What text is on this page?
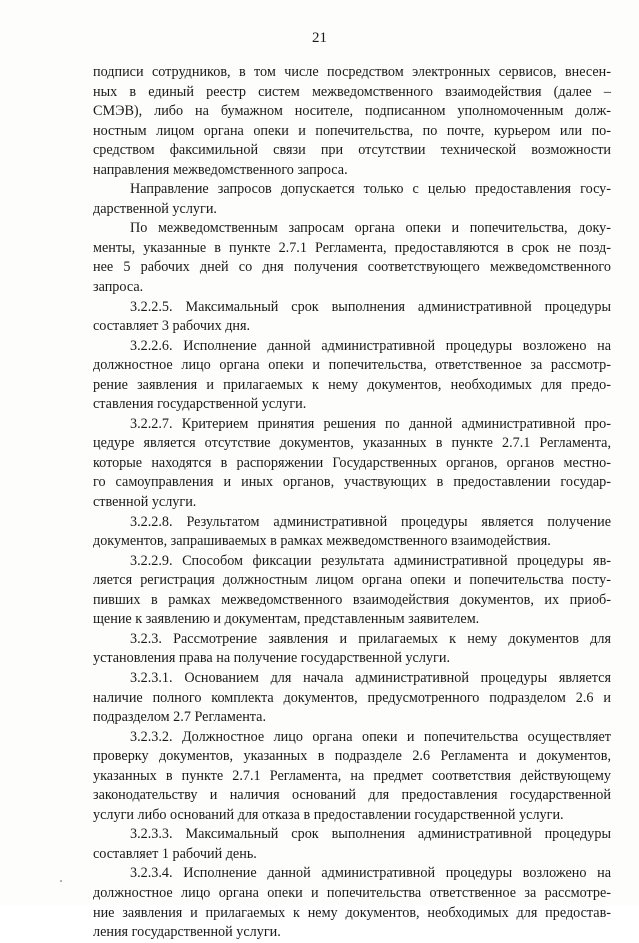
21
подписи сотрудников, в том числе посредством электронных сервисов, внесен-
ных в единый реестр систем межведомственного взаимодействия (далее –
СМЭВ), либо на бумажном носителе, подписанном уполномоченным долж-
ностным лицом органа опеки и попечительства, по почте, курьером или по-
средством факсимильной связи при отсутствии технической возможности
направления межведомственного запроса.
Направление запросов допускается только с целью предоставления госу-
дарственной услуги.
По межведомственным запросам органа опеки и попечительства, доку-
менты, указанные в пункте 2.7.1 Регламента, предоставляются в срок не позд-
нее 5 рабочих дней со дня получения соответствующего межведомственного
запроса.
3.2.2.5. Максимальный срок выполнения административной процедуры
составляет 3 рабочих дня.
3.2.2.6. Исполнение данной административной процедуры возложено на
должностное лицо органа опеки и попечительства, ответственное за рассмотр-
рение заявления и прилагаемых к нему документов, необходимых для предо-
ставления государственной услуги.
3.2.2.7. Критерием принятия решения по данной административной про-
цедуре является отсутствие документов, указанных в пункте 2.7.1 Регламента,
которые находятся в распоряжении Государственных органов, органов местно-
го самоуправления и иных органов, участвующих в предоставлении государ-
ственной услуги.
3.2.2.8. Результатом административной процедуры является получение
документов, запрашиваемых в рамках межведомственного взаимодействия.
3.2.2.9. Способом фиксации результата административной процедуры яв-
ляется регистрация должностным лицом органа опеки и попечительства посту-
пивших в рамках межведомственного взаимодействия документов, их приоб-
щение к заявлению и документам, представленным заявителем.
3.2.3. Рассмотрение заявления и прилагаемых к нему документов для
установления права на получение государственной услуги.
3.2.3.1. Основанием для начала административной процедуры является
наличие полного комплекта документов, предусмотренного подразделом 2.6 и
подразделом 2.7 Регламента.
3.2.3.2. Должностное лицо органа опеки и попечительства осуществляет
проверку документов, указанных в подразделе 2.6 Регламента и документов,
указанных в пункте 2.7.1 Регламента, на предмет соответствия действующему
законодательству и наличия оснований для предоставления государственной
услуги либо оснований для отказа в предоставлении государственной услуги.
3.2.3.3. Максимальный срок выполнения административной процедуры
составляет 1 рабочий день.
3.2.3.4. Исполнение данной административной процедуры возложено на
должностное лицо органа опеки и попечительства ответственное за рассмотре-
ние заявления и прилагаемых к нему документов, необходимых для предостав-
ления государственной услуги.
